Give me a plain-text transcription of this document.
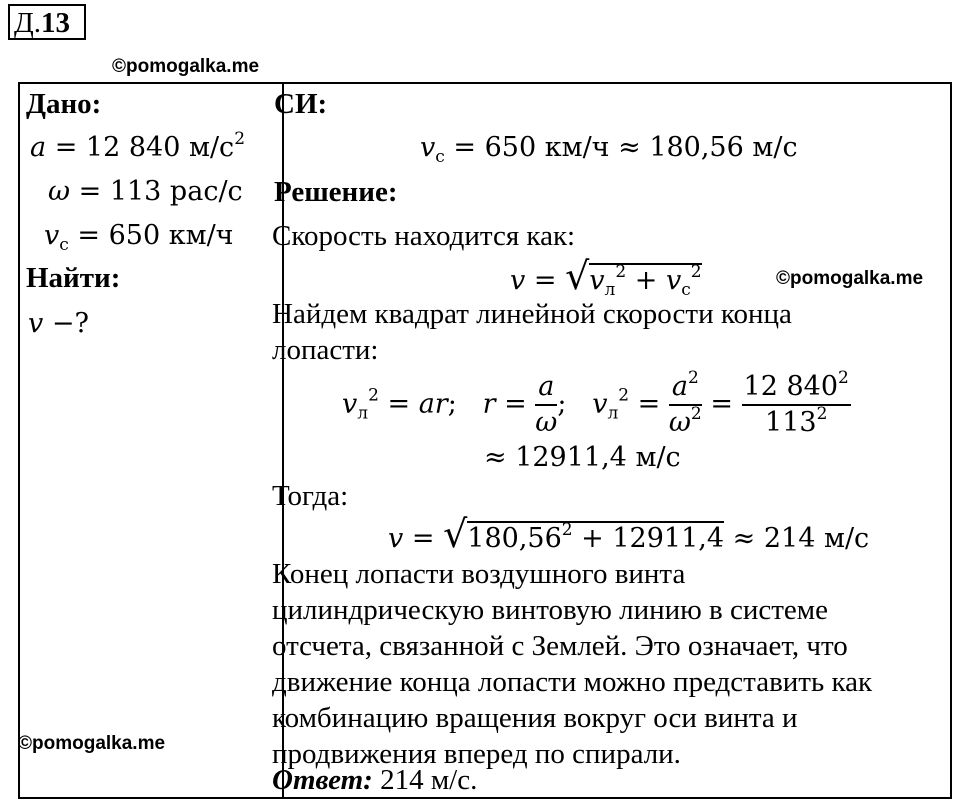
Д.13
©pomogalka.me
©pomogalka.me
©pomogalka.me
Дано:
a = 12 840 $м/с^2$
ω = 113 рас/с
$v_с = 650$ км/ч
Найти:
v −?
СИ:
$v_с = 650$ км/ч ≈ 180,56 м/с
Решение:
Скорость находится как:
$v = √v_л^2 + v_с^2$
Найдем квадрат линейной скорости конца
лопасти:
$v_л^2$ = ar;   $r = \frac{a}{\omega}$ ;   $v_л^2 = \frac{a^2}{\omega^2} = \frac{12 840^2}{113^2}$
≈ 12911,4 м/с
Тогда:
$v = √180,56^2 + 12911,4 \approx 214$ м/с
Конец лопасти воздушного винта
цилиндрическую винтовую линию в системе
отсчета, связанной с Землей. Это означает, что
движение конца лопасти можно представить как
комбинацию вращения вокруг оси винта и
продвижения вперед по спирали.
Ответ: 214 м/с.
